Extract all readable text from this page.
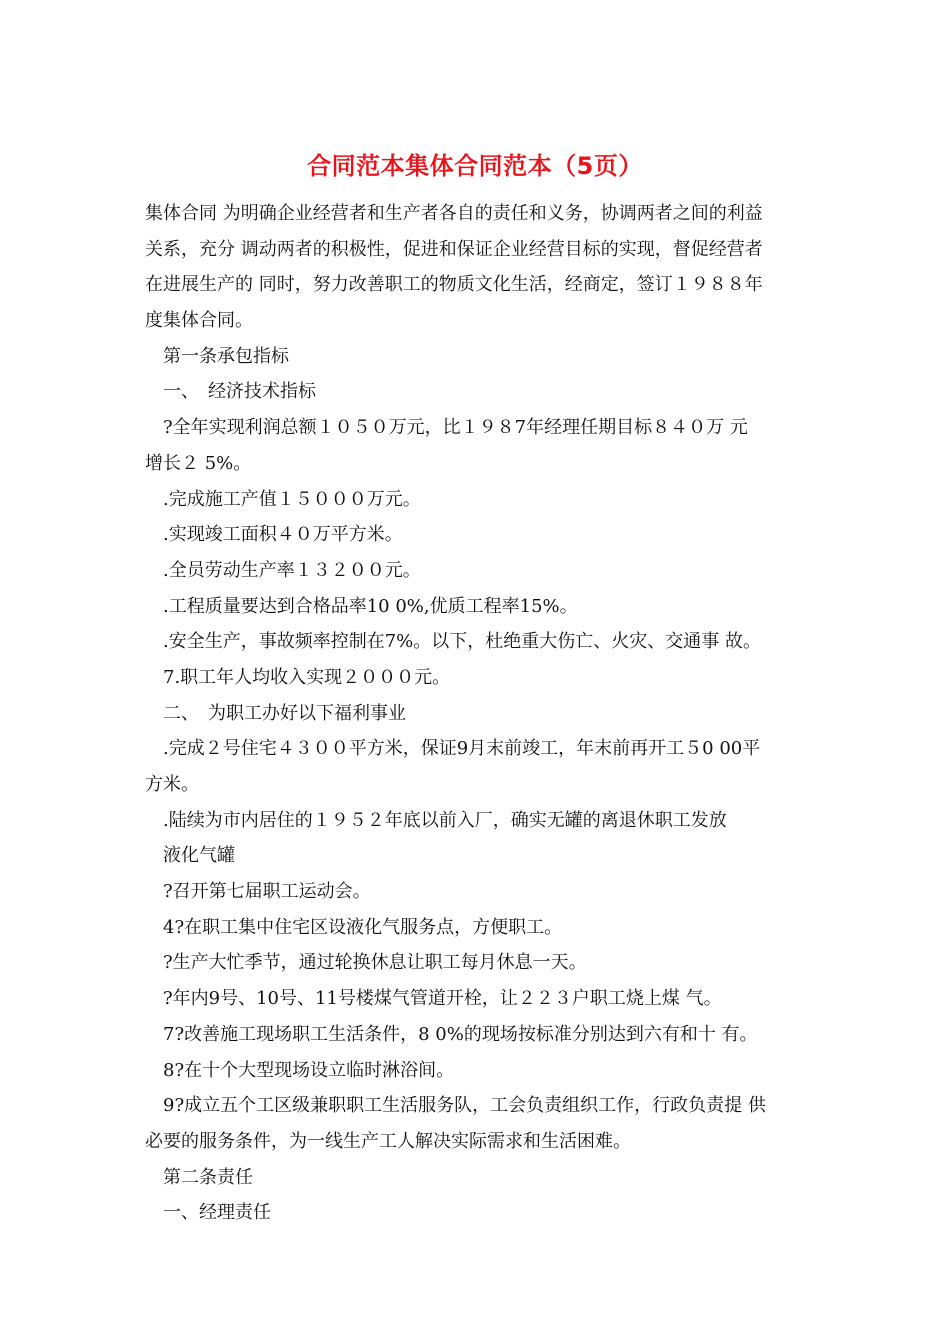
合同范本集体合同范本（5页）
集体合同 为明确企业经营者和生产者各自的责任和义务，协调两者之间的利益
关系，充分 调动两者的积极性，促进和保证企业经营目标的实现，督促经营者
在进展生产的 同时，努力改善职工的物质文化生活，经商定，签订１９８８年
度集体合同。
第一条承包指标
一、　经济技术指标
?全年实现利润总额１０５０万元，比１９８7年经理任期目标８４０万 元
增长２ 5%。
.完成施工产值１５０００万元。
.实现竣工面积４０万平方米。
.全员劳动生产率１３２００元。
.工程质量要达到合格品率10 0%,优质工程率15%。
.安全生产，事故频率控制在7%。以下，杜绝重大伤亡、火灾、交通事 故。
7.职工年人均收入实现２０００元。
二、　为职工办好以下福利事业
.完成２号住宅４３００平方米，保证9月末前竣工，年末前再开工５0 00平
方米。
.陆续为市内居住的１９５２年底以前入厂，确实无罐的离退休职工发放
液化气罐
?召开第七届职工运动会。
4?在职工集中住宅区设液化气服务点，方便职工。
?生产大忙季节，通过轮换休息让职工每月休息一天。
?年内9号、10号、11号楼煤气管道开栓，让２２３户职工烧上煤 气。
7?改善施工现场职工生活条件，8 0%的现场按标准分别达到六有和十 有。
8?在十个大型现场设立临时淋浴间。
9?成立五个工区级兼职职工生活服务队，工会负责组织工作，行政负责提 供
必要的服务条件，为一线生产工人解决实际需求和生活困难。
第二条责任
一、经理责任
